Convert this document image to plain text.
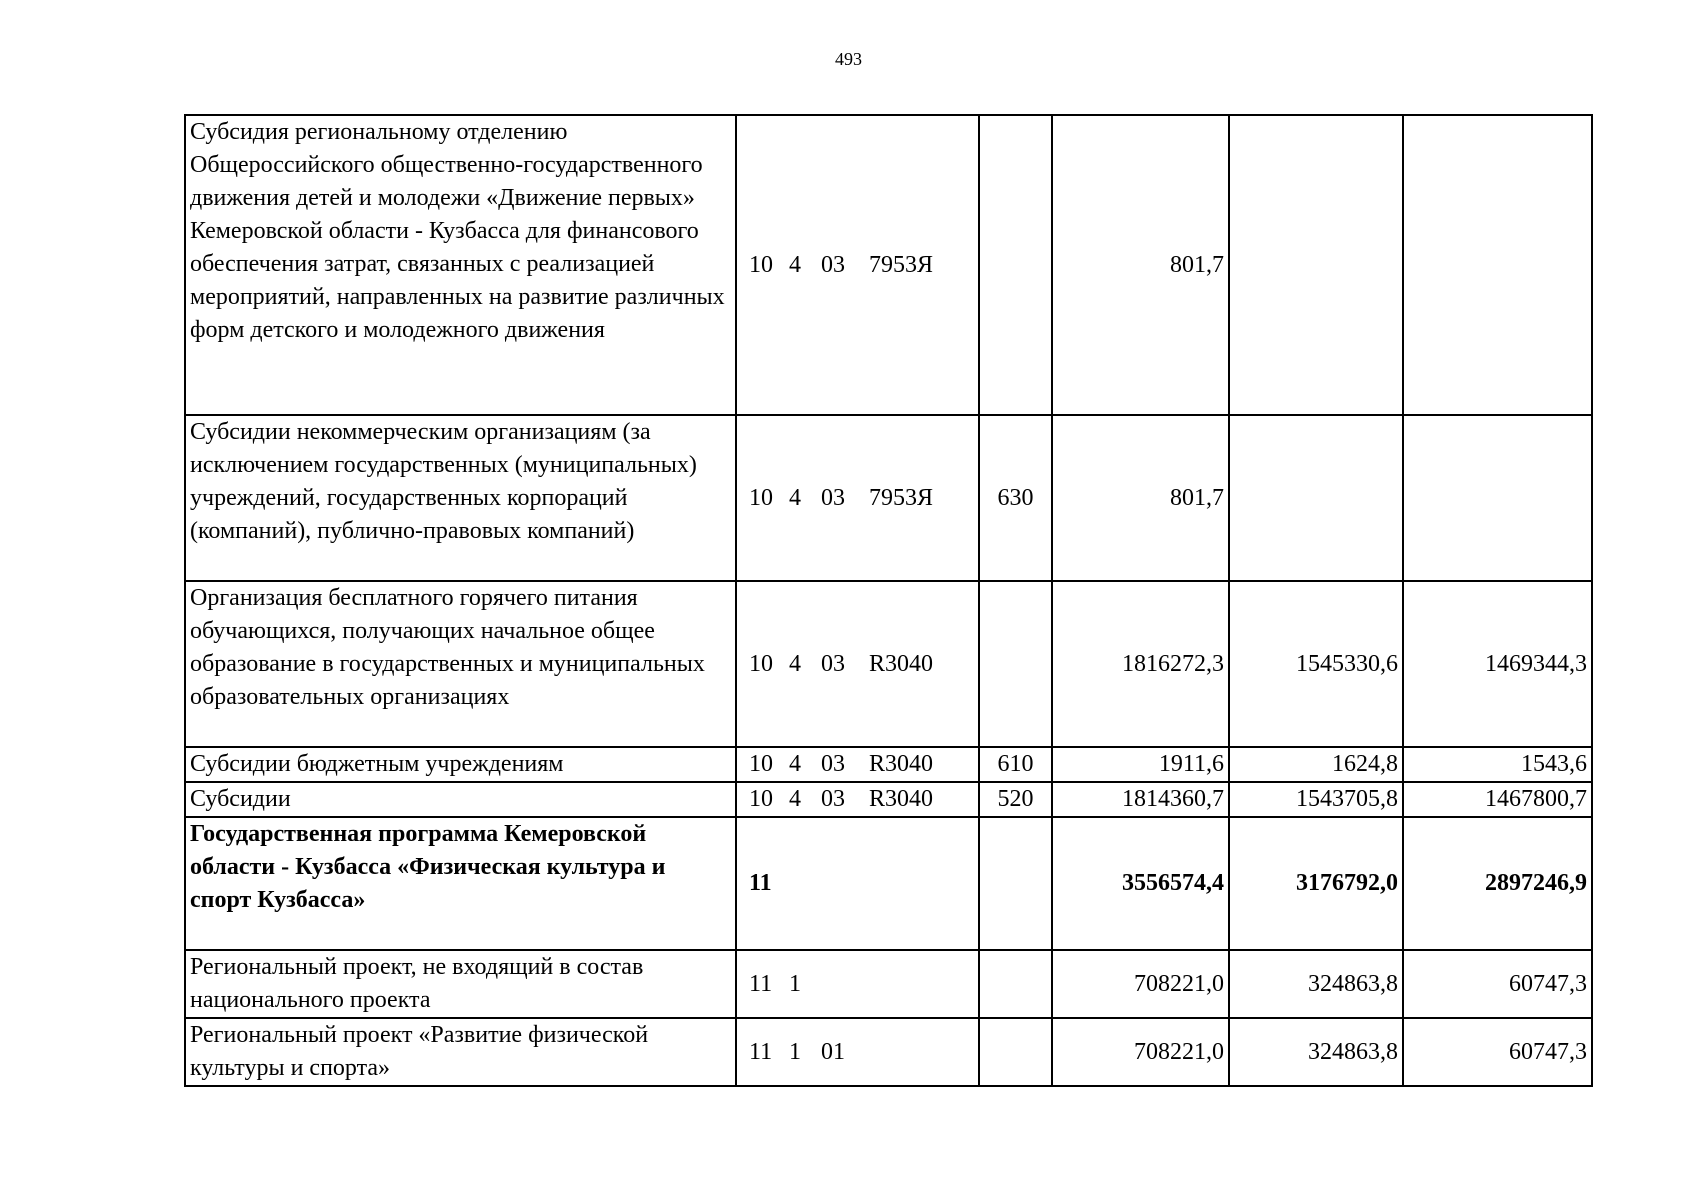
493
Субсидия региональному отделению Общероссийского общественно-государственного движения детей и молодежи «Движение первых» Кемеровской области - Кузбасса для финансового обеспечения затрат, связанных с реализацией мероприятий, направленных на развитие различных форм детского и молодежного движения	10 4 03 7953Я		801,7		
Субсидии некоммерческим организациям (за исключением государственных (муниципальных) учреждений, государственных корпораций (компаний), публично-правовых компаний)	10 4 03 7953Я	630	801,7		
Организация бесплатного горячего питания обучающихся, получающих начальное общее образование в государственных и муниципальных образовательных организациях	10 4 03 R3040		1816272,3	1545330,6	1469344,3
Субсидии бюджетным учреждениям	10 4 03 R3040	610	1911,6	1624,8	1543,6
Субсидии	10 4 03 R3040	520	1814360,7	1543705,8	1467800,7
Государственная программа Кемеровской области - Кузбасса «Физическая культура и спорт Кузбасса»	11		3556574,4	3176792,0	2897246,9
Региональный проект, не входящий в состав национального проекта	11 1		708221,0	324863,8	60747,3
Региональный проект «Развитие физической культуры и спорта»	11 1 01		708221,0	324863,8	60747,3
